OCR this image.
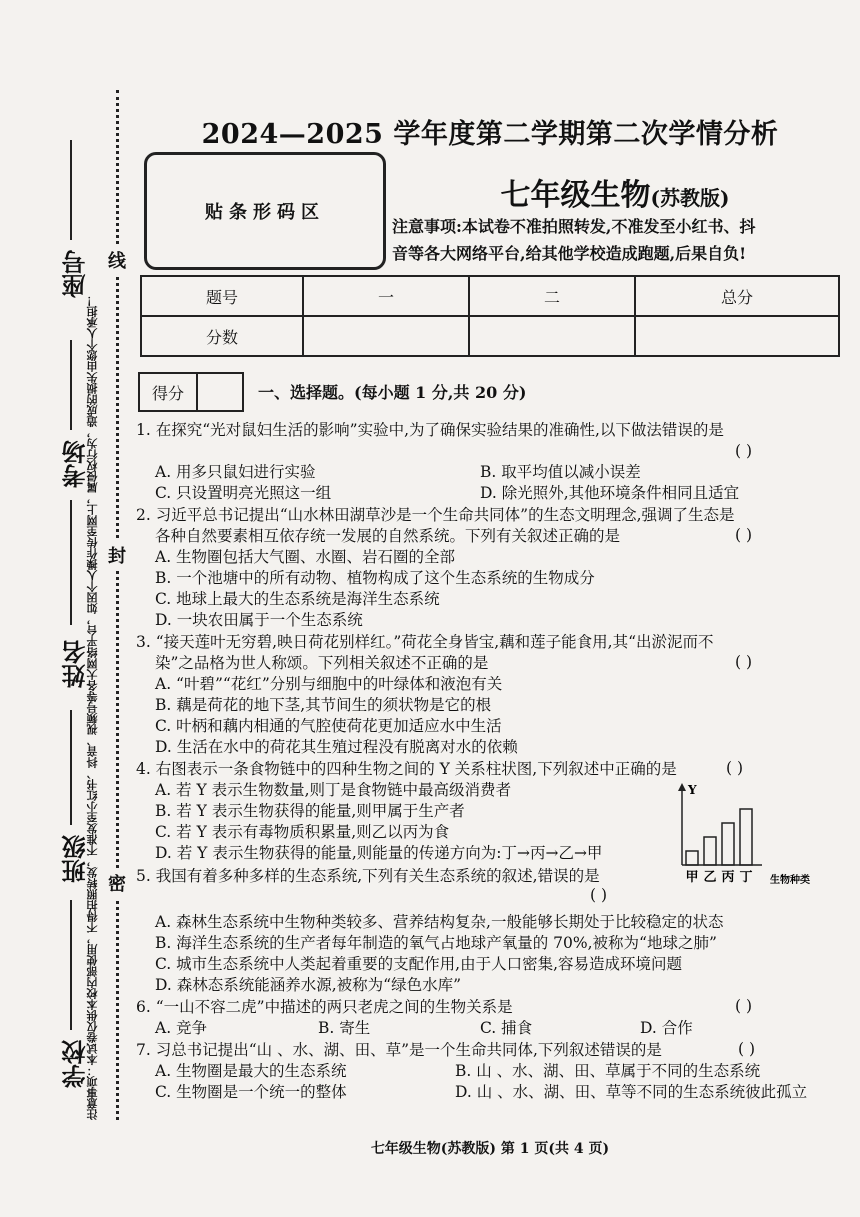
注意事项：本试卷仅供本校内部使用，不得拍照转发，不准发至小红书、抖音、视频号等各大网络平台，如因个人操作传至网上，属侵权行为，造成的损失由您个人承担！
座号
考场
姓名
班级
学校
线
封
密
2024—2025 学年度第二学期第二次学情分析
贴条形码区	七年级生物(苏教版)
注意事项:本试卷不准拍照转发,不准发至小红书、抖
音等各大网络平台,给其他学校造成跑题,后果自负!
题号	一	二	总分
分数			
得分	一、选择题。(每小题 1 分,共 20 分)
1. 在探究“光对鼠妇生活的影响”实验中,为了确保实验结果的准确性,以下做法错误的是
( )
A. 用多只鼠妇进行实验	B. 取平均值以减小误差
C. 只设置明亮光照这一组	D. 除光照外,其他环境条件相同且适宜
2. 习近平总书记提出“山水林田湖草沙是一个生命共同体”的生态文明理念,强调了生态是
各种自然要素相互依存统一发展的自然系统。下列有关叙述正确的是	( )
A. 生物圈包括大气圈、水圈、岩石圈的全部
B. 一个池塘中的所有动物、植物构成了这个生态系统的生物成分
C. 地球上最大的生态系统是海洋生态系统
D. 一块农田属于一个生态系统
3. “接天莲叶无穷碧,映日荷花别样红。”荷花全身皆宝,藕和莲子能食用,其“出淤泥而不
染”之品格为世人称颂。下列相关叙述不正确的是	( )
A. “叶碧”“花红”分别与细胞中的叶绿体和液泡有关
B. 藕是荷花的地下茎,其节间生的须状物是它的根
C. 叶柄和藕内相通的气腔使荷花更加适应水中生活
D. 生活在水中的荷花其生殖过程没有脱离对水的依赖
4. 右图表示一条食物链中的四种生物之间的 Y 关系柱状图,下列叙述中正确的是	( )
A. 若 Y 表示生物数量,则丁是食物链中最高级消费者
B. 若 Y 表示生物获得的能量,则甲属于生产者
C. 若 Y 表示有毒物质积累量,则乙以丙为食
D. 若 Y 表示生物获得的能量,则能量的传递方向为:丁→丙→乙→甲
甲 乙 丙 丁
Y
生物种类
5. 我国有着多种多样的生态系统,下列有关生态系统的叙述,错误的是
( )
A. 森林生态系统中生物种类较多、营养结构复杂,一般能够长期处于比较稳定的状态
B. 海洋生态系统的生产者每年制造的氧气占地球产氧量的 70%,被称为“地球之肺”
C. 城市生态系统中人类起着重要的支配作用,由于人口密集,容易造成环境问题
D. 森林态系统能涵养水源,被称为“绿色水库”
6. “一山不容二虎”中描述的两只老虎之间的生物关系是	( )
A. 竞争	B. 寄生	C. 捕食	D. 合作
7. 习总书记提出“山 、水、湖、田、草”是一个生命共同体,下列叙述错误的是	( )
A. 生物圈是最大的生态系统	B. 山 、水、湖、田、草属于不同的生态系统
C. 生物圈是一个统一的整体	D. 山 、水、湖、田、草等不同的生态系统彼此孤立
七年级生物(苏教版) 第 1 页(共 4 页)
